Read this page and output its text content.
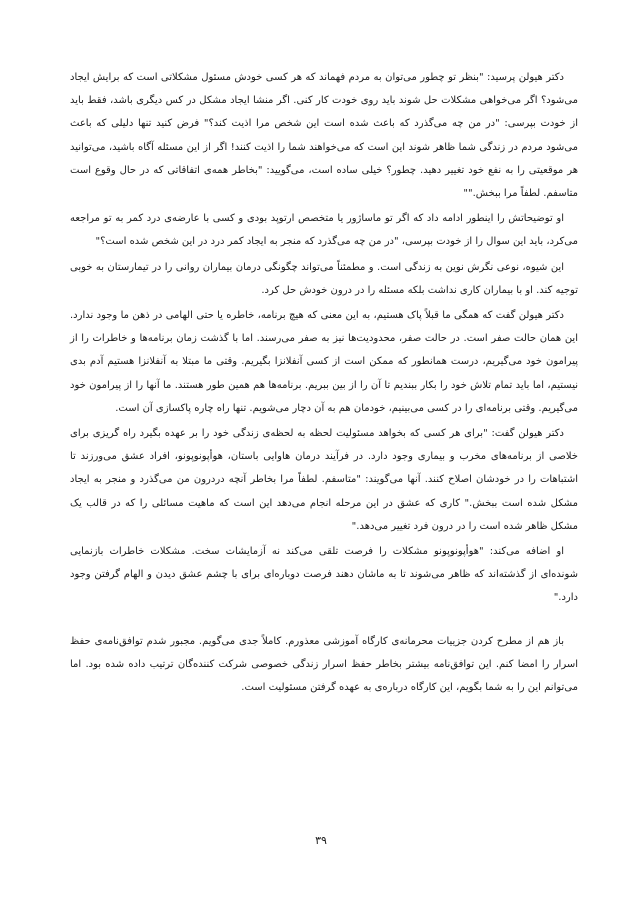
دکتر هیولن پرسید: "بنظر تو چطور می‌توان به مردم فهماند که هر کسی خودش مسئول مشکلاتی است که برایش ایجاد می‌شود؟ اگر می‌خواهی مشکلات حل شوند باید روی خودت کار کنی. اگر منشا ایجاد مشکل در کس دیگری باشد، فقط باید از خودت بپرسی: "در من چه می‌گذرد که باعث شده است این شخص مرا اذیت کند؟" فرض کنید تنها دلیلی که باعث می‌شود مردم در زندگی شما ظاهر شوند این است که می‌خواهند شما را اذیت کنند! اگر از این مسئله آگاه باشید، می‌توانید هر موقعیتی را به نفع خود تغییر دهید. چطور؟ خیلی ساده است، می‌گویید: "بخاطر همه‌ی اتفاقاتی که در حال وقوع است متاسفم. لطفاً مرا ببخش.""

او توضیحاتش را اینطور ادامه داد که اگر تو ماساژور یا متخصص ارتوپد بودی و کسی با عارضه‌ی درد کمر به تو مراجعه می‌کرد، باید این سوال را از خودت بپرسی، "در من چه می‌گذرد که منجر به ایجاد کمر درد در این شخص شده است؟"

این شیوه، نوعی نگرش نوین به زندگی است. و مطمئناً می‌تواند چگونگی درمان بیماران روانی را در تیمارستان به خوبی توجیه کند. او با بیماران کاری نداشت بلکه مسئله را در درون خودش حل کرد.

دکتر هیولن گفت که همگی ما قبلاً پاک هستیم، به این معنی که هیچ برنامه، خاطره یا حتی الهامی در ذهن ما وجود ندارد. این همان حالت صفر است. در حالت صفر، محدودیت‌ها نیز به صفر می‌رسند. اما با گذشت زمان برنامه‌ها و خاطرات را از پیرامون خود می‌گیریم، درست همانطور که ممکن است از کسی آنفلانزا بگیریم. وقتی ما مبتلا به آنفلانزا هستیم آدم بدی نیستیم، اما باید تمام تلاش خود را بکار ببندیم تا آن را از بین ببریم. برنامه‌ها هم همین طور هستند. ما آنها را از پیرامون خود می‌گیریم. وقتی برنامه‌ای را در کسی می‌بینیم، خودمان هم به آن دچار می‌شویم. تنها راه چاره پاکسازی آن است.

دکتر هیولن گفت: "برای هر کسی که بخواهد مسئولیت لحظه به لحظه‌ی زندگی خود را بر عهده بگیرد راه گریزی برای خلاصی از برنامه‌های مخرب و بیماری وجود دارد. در فرآیند درمان هاوایی باستان، هوأپونوپونو، افراد عشق می‌ورزند تا اشتباهات را در خودشان اصلاح کنند. آنها می‌گویند: "متاسفم. لطفاً مرا بخاطر آنچه دردرون من می‌گذرد و منجر به ایجاد مشکل شده است ببخش." کاری که عشق در این مرحله انجام می‌دهد این است که ماهیت مسائلی را که در قالب یک مشکل ظاهر شده است را در درون فرد تغییر می‌دهد."

او اضافه می‌کند: "هوأپونوپونو مشکلات را فرصت تلقی می‌کند نه آزمایشات سخت. مشکلات خاطرات بازنمایی شونده‌ای از گذشته‌اند که ظاهر می‌شوند تا به ماشان دهند فرصت دوباره‌ای برای با چشم عشق دیدن و الهام گرفتن وجود دارد."

باز هم از مطرح کردن جزییات محرمانه‌ی کارگاه آموزشی معذورم. کاملاً جدی می‌گویم. مجبور شدم توافق‌نامه‌ی حفظ اسرار را امضا کنم. این توافق‌نامه بیشتر بخاطر حفظ اسرار زندگی خصوصی شرکت کننده‌گان ترتیب داده شده بود. اما می‌توانم این را به شما بگویم، این کارگاه درباره‌ی به عهده گرفتن مسئولیت است.

۳۹
